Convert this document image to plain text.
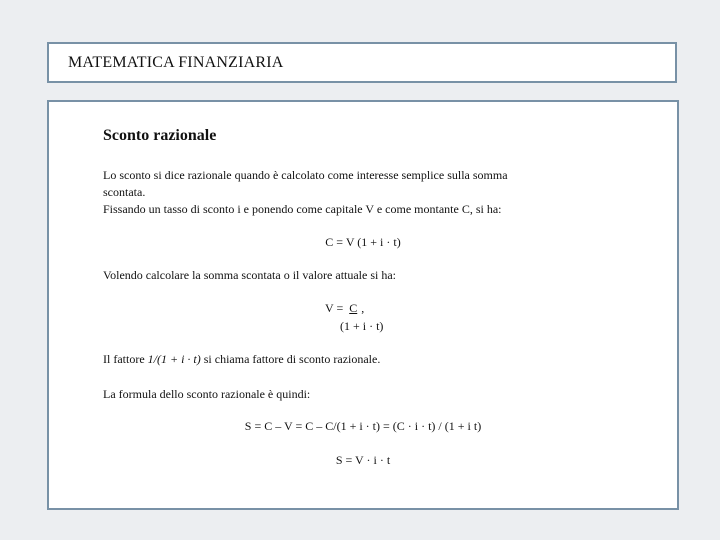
MATEMATICA FINANZIARIA
Sconto razionale
Lo sconto si dice razionale quando è calcolato come interesse semplice sulla somma
scontata.
Fissando un tasso di sconto i e ponendo come capitale V e come montante C, si ha:
C = V (1 + i · t)
Volendo calcolare la somma scontata o il valore attuale si ha:
V = C ,
(1 + i · t)
Il fattore 1/(1 + i · t) si chiama fattore di sconto razionale.
La formula dello sconto razionale è quindi:
S = C – V = C – C/(1 + i · t) = (C · i · t) / (1 + i t)
S = V · i · t
